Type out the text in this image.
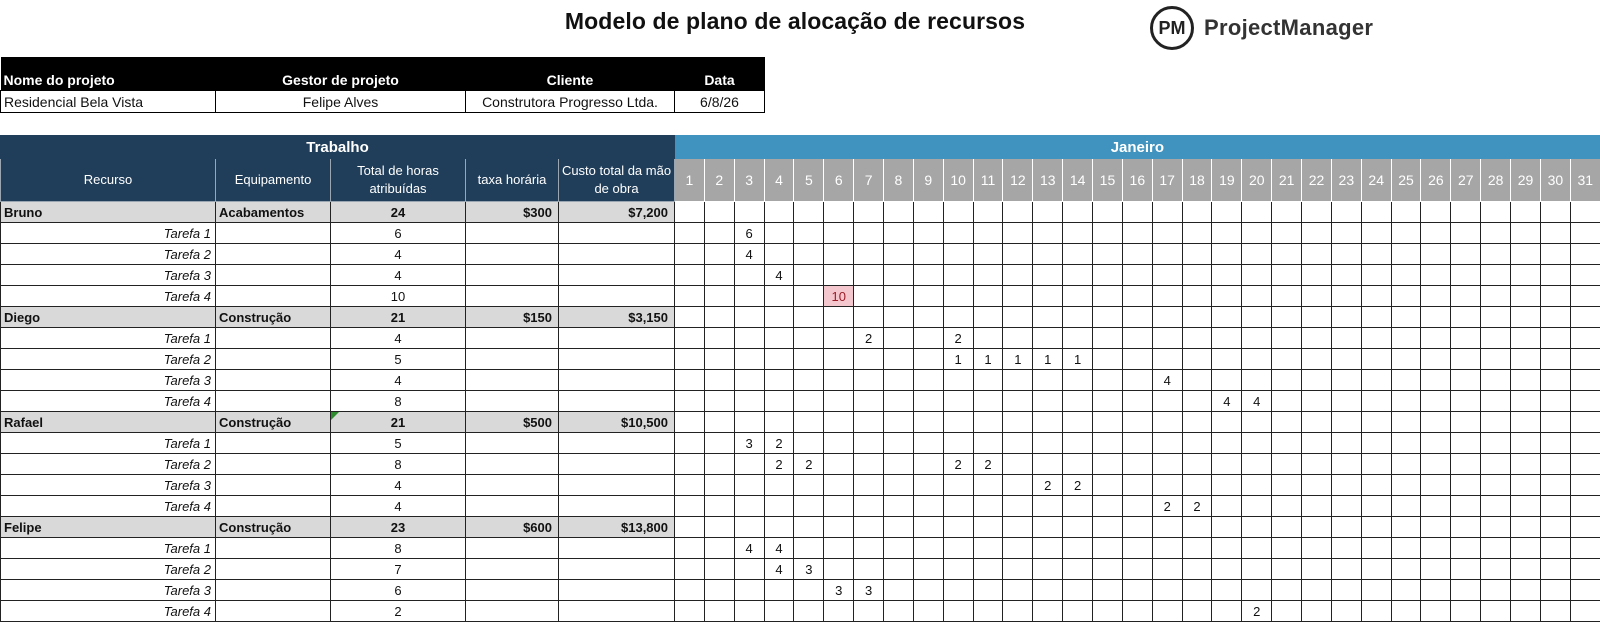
Modelo de plano de alocação de recursos	PM ProjectManager
Nome do projeto	Gestor de projeto	Cliente	Data
Residencial Bela Vista	Felipe Alves	Construtora Progresso Ltda.	6/8/26
Trabalho					Janeiro																														
Recurso	Equipamento	Total de horas atribuídas	taxa horária	Custo total da mão de obra	1	2	3	4	5	6	7	8	9	10	11	12	13	14	15	16	17	18	19	20	21	22	23	24	25	26	27	28	29	30	31
Bruno	Acabamentos	24	$300	$7,200																															
Tarefa 1		6					6																												
Tarefa 2		4					4																												
Tarefa 3		4						4																											
Tarefa 4		10								10																									
Diego	Construção	21	$150	$3,150																															
Tarefa 1		4									2			2																					
Tarefa 2		5												1	1	1	1	1																	
Tarefa 3		4																			4														
Tarefa 4		8																					4	4											
Rafael	Construção	21	$500	$10,500																															
Tarefa 1		5					3	2																											
Tarefa 2		8						2	2					2	2																				
Tarefa 3		4															2	2																	
Tarefa 4		4																			2	2													
Felipe	Construção	23	$600	$13,800																															
Tarefa 1		8					4	4																											
Tarefa 2		7						4	3																										
Tarefa 3		6								3	3																								
Tarefa 4		2																						2											
